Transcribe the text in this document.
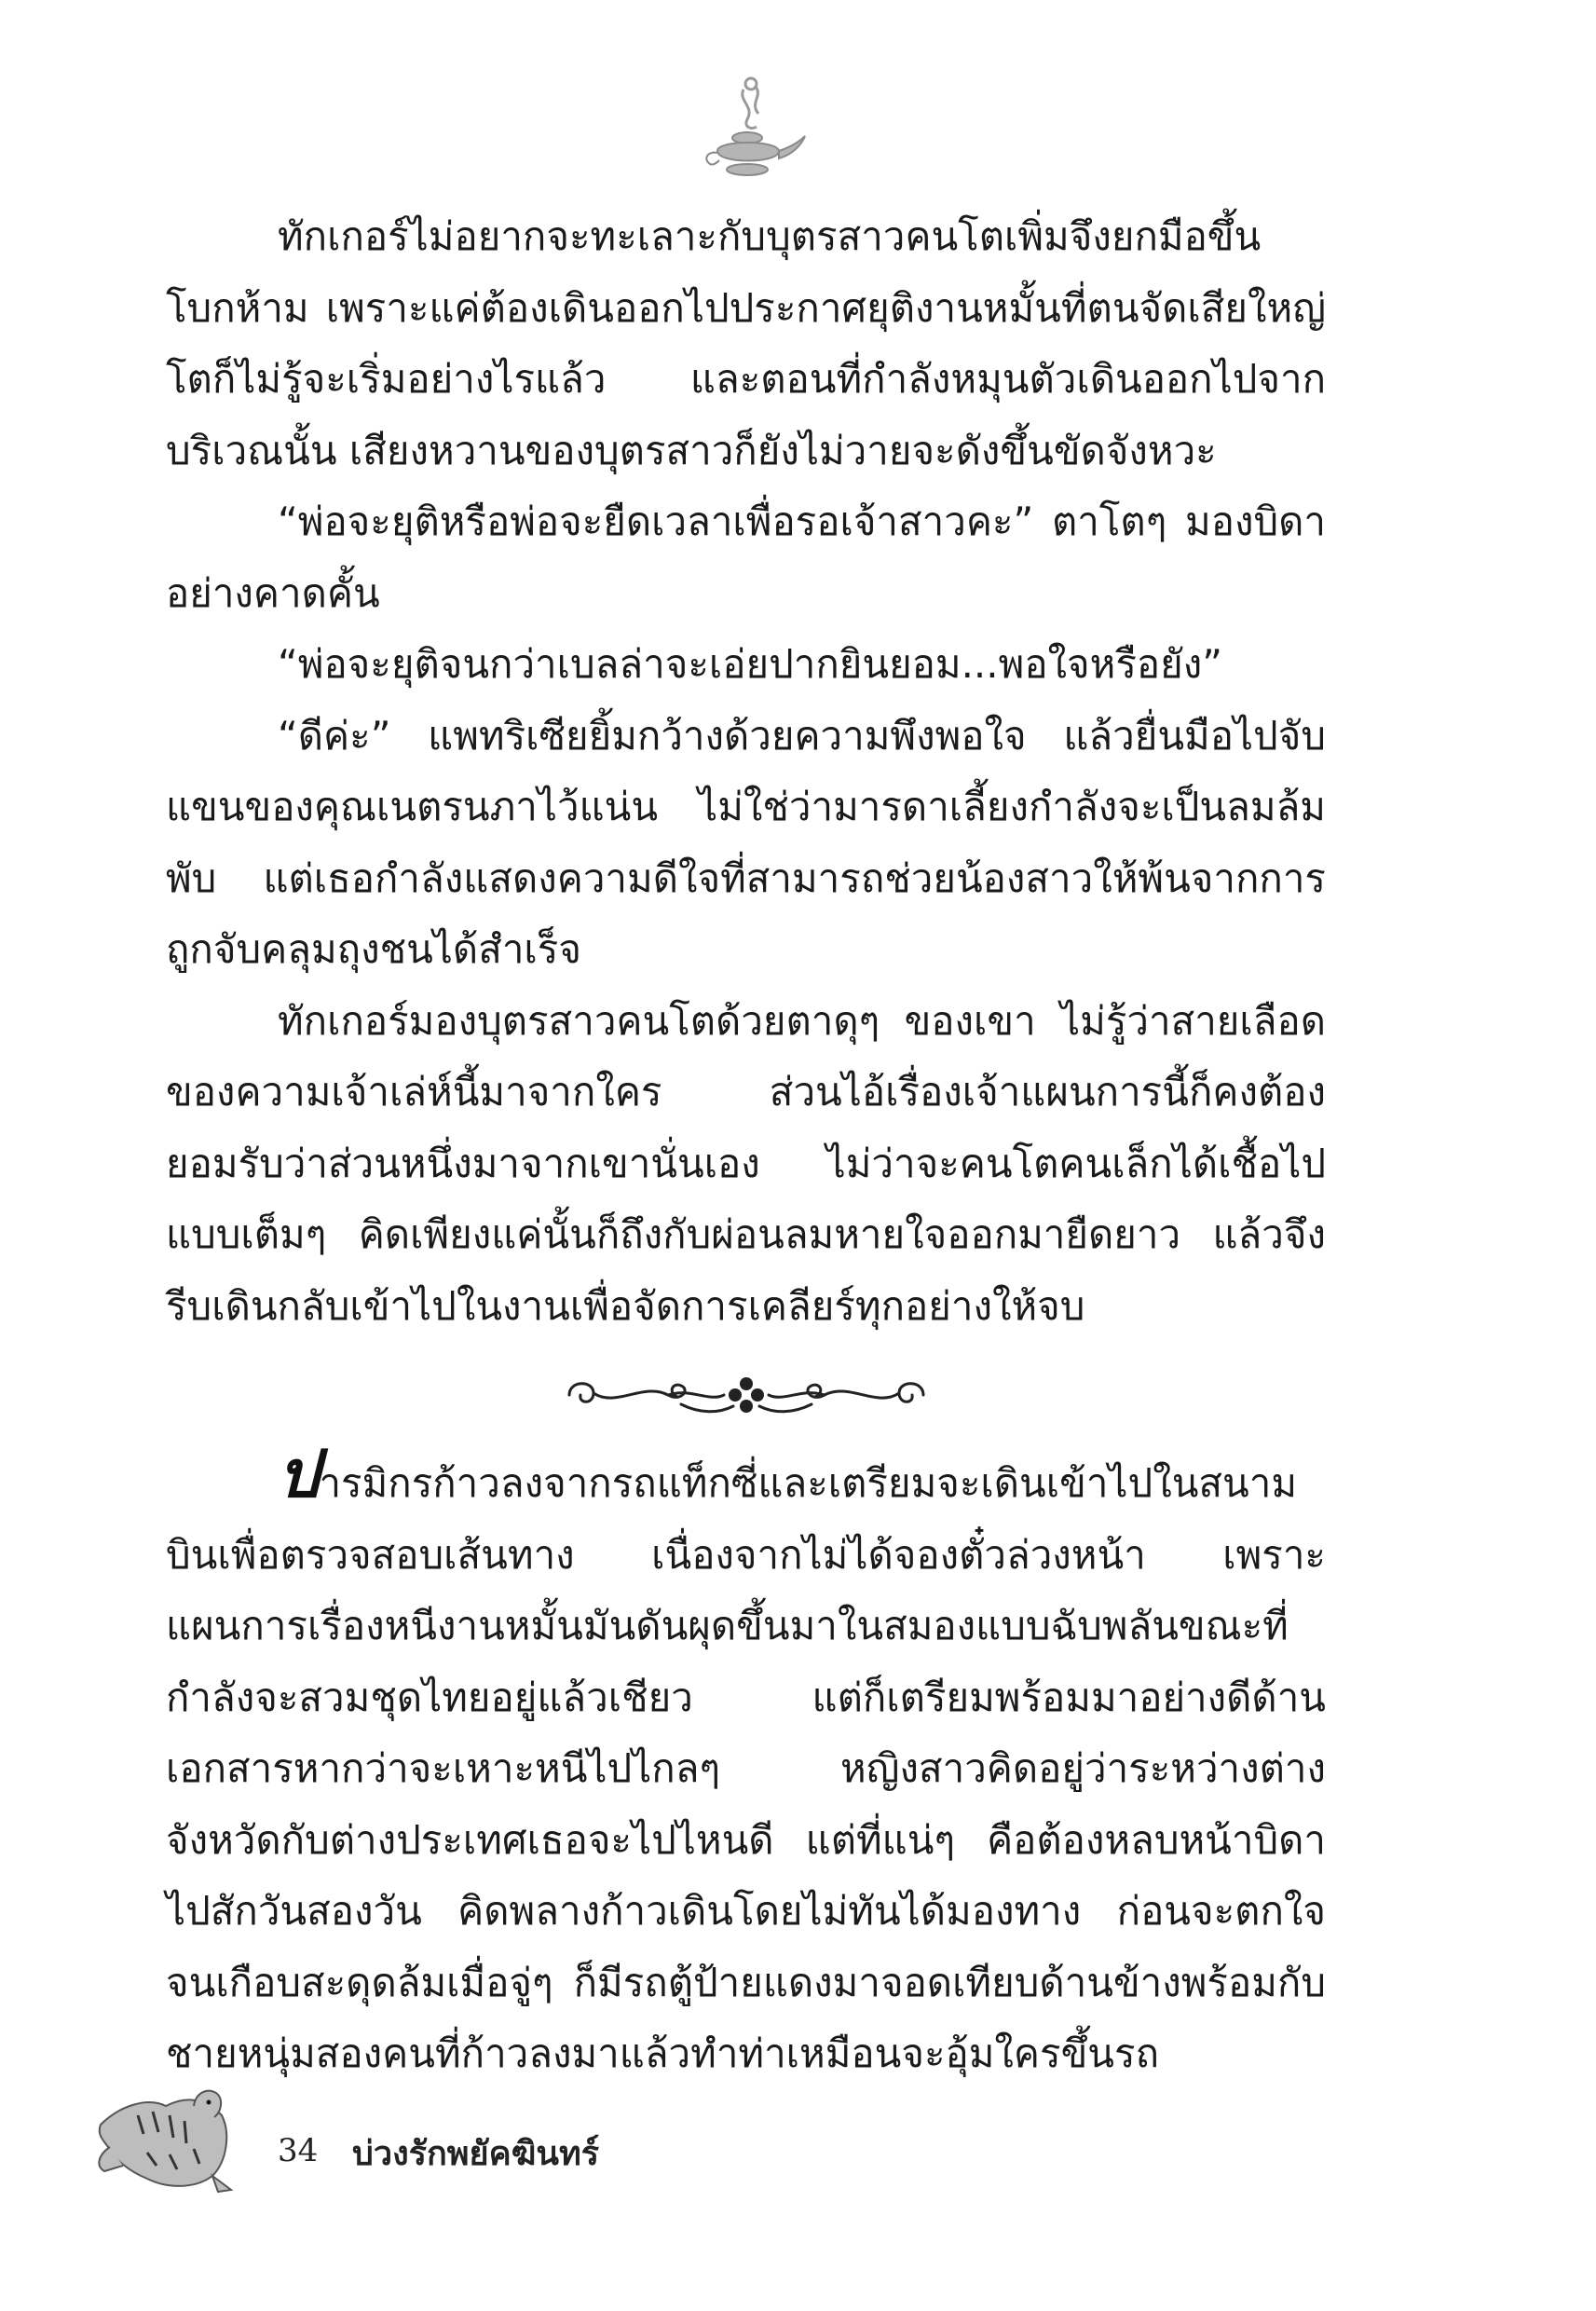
ทักเกอร์ไม่อยากจะทะเลาะกับบุตรสาวคนโตเพิ่มจึงยกมือขึ้นโบกห้าม เพราะแค่ต้องเดินออกไปประกาศยุติงานหมั้นที่ตนจัดเสียใหญ่โตก็ไม่รู้จะเริ่มอย่างไรแล้ว และตอนที่กำลังหมุนตัวเดินออกไปจากบริเวณนั้น เสียงหวานของบุตรสาวก็ยังไม่วายจะดังขึ้นขัดจังหวะ

“พ่อจะยุติหรือพ่อจะยืดเวลาเพื่อรอเจ้าสาวคะ” ตาโตๆ มองบิดาอย่างคาดคั้น

“พ่อจะยุติจนกว่าเบลล่าจะเอ่ยปากยินยอม...พอใจหรือยัง”

“ดีค่ะ” แพทริเซียยิ้มกว้างด้วยความพึงพอใจ แล้วยื่นมือไปจับแขนของคุณเนตรนภาไว้แน่น ไม่ใช่ว่ามารดาเลี้ยงกำลังจะเป็นลมล้มพับ แต่เธอกำลังแสดงความดีใจที่สามารถช่วยน้องสาวให้พ้นจากการถูกจับคลุมถุงชนได้สำเร็จ

ทักเกอร์มองบุตรสาวคนโตด้วยตาดุๆ ของเขา ไม่รู้ว่าสายเลือดของความเจ้าเล่ห์นี้มาจากใคร ส่วนไอ้เรื่องเจ้าแผนการนี้ก็คงต้องยอมรับว่าส่วนหนึ่งมาจากเขานั่นเอง ไม่ว่าจะคนโตคนเล็กได้เชื้อไปแบบเต็มๆ คิดเพียงแค่นั้นก็ถึงกับผ่อนลมหายใจออกมายืดยาว แล้วจึงรีบเดินกลับเข้าไปในงานเพื่อจัดการเคลียร์ทุกอย่างให้จบ

ปารมิกรก้าวลงจากรถแท็กซี่และเตรียมจะเดินเข้าไปในสนามบินเพื่อตรวจสอบเส้นทาง เนื่องจากไม่ได้จองตั๋วล่วงหน้า เพราะแผนการเรื่องหนีงานหมั้นมันดันผุดขึ้นมาในสมองแบบฉับพลันขณะที่กำลังจะสวมชุดไทยอยู่แล้วเชียว แต่ก็เตรียมพร้อมมาอย่างดีด้านเอกสารหากว่าจะเหาะหนีไปไกลๆ หญิงสาวคิดอยู่ว่าระหว่างต่างจังหวัดกับต่างประเทศเธอจะไปไหนดี แต่ที่แน่ๆ คือต้องหลบหน้าบิดาไปสักวันสองวัน คิดพลางก้าวเดินโดยไม่ทันได้มองทาง ก่อนจะตกใจจนเกือบสะดุดล้มเมื่อจู่ๆ ก็มีรถตู้ป้ายแดงมาจอดเทียบด้านข้างพร้อมกับชายหนุ่มสองคนที่ก้าวลงมาแล้วทำท่าเหมือนจะอุ้มใครขึ้นรถ

34 บ่วงรักพยัคฆินทร์
